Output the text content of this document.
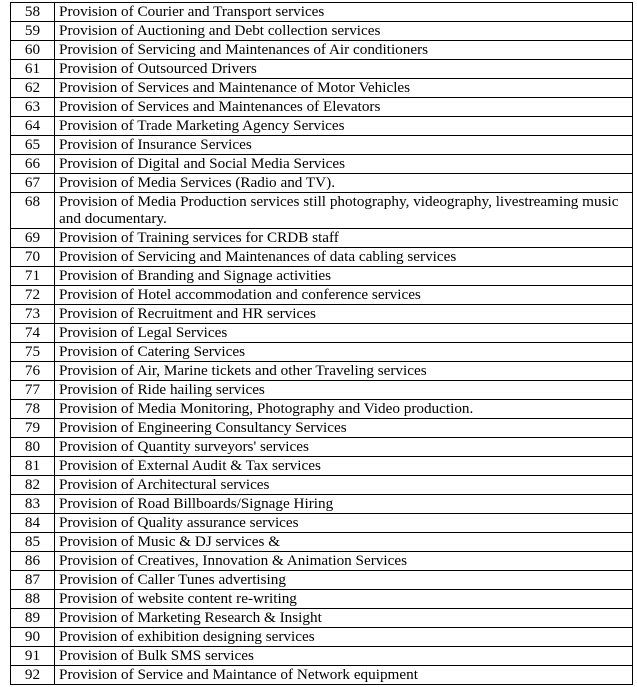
58	Provision of Courier and Transport services
59	Provision of Auctioning and Debt collection services
60	Provision of Servicing and Maintenances of Air conditioners
61	Provision of Outsourced Drivers
62	Provision of Services and Maintenance of Motor Vehicles
63	Provision of Services and Maintenances of Elevators
64	Provision of Trade Marketing Agency Services
65	Provision of Insurance Services
66	Provision of Digital and Social Media Services
67	Provision of Media Services (Radio and TV).
68	Provision of Media Production services still photography, videography, livestreaming music and documentary.
69	Provision of Training services for CRDB staff
70	Provision of Servicing and Maintenances of data cabling services
71	Provision of Branding and Signage activities
72	Provision of Hotel accommodation and conference services
73	Provision of Recruitment and HR services
74	Provision of Legal Services
75	Provision of Catering Services
76	Provision of Air, Marine tickets and other Traveling services
77	Provision of Ride hailing services
78	Provision of Media Monitoring, Photography and Video production.
79	Provision of Engineering Consultancy Services
80	Provision of Quantity surveyors' services
81	Provision of External Audit & Tax services
82	Provision of Architectural services
83	Provision of Road Billboards/Signage Hiring
84	Provision of Quality assurance services
85	Provision of Music & DJ services &
86	Provision of Creatives, Innovation & Animation Services
87	Provision of Caller Tunes advertising
88	Provision of website content re-writing
89	Provision of Marketing Research & Insight
90	Provision of exhibition designing services
91	Provision of Bulk SMS services
92	Provision of Service and Maintance of Network equipment
